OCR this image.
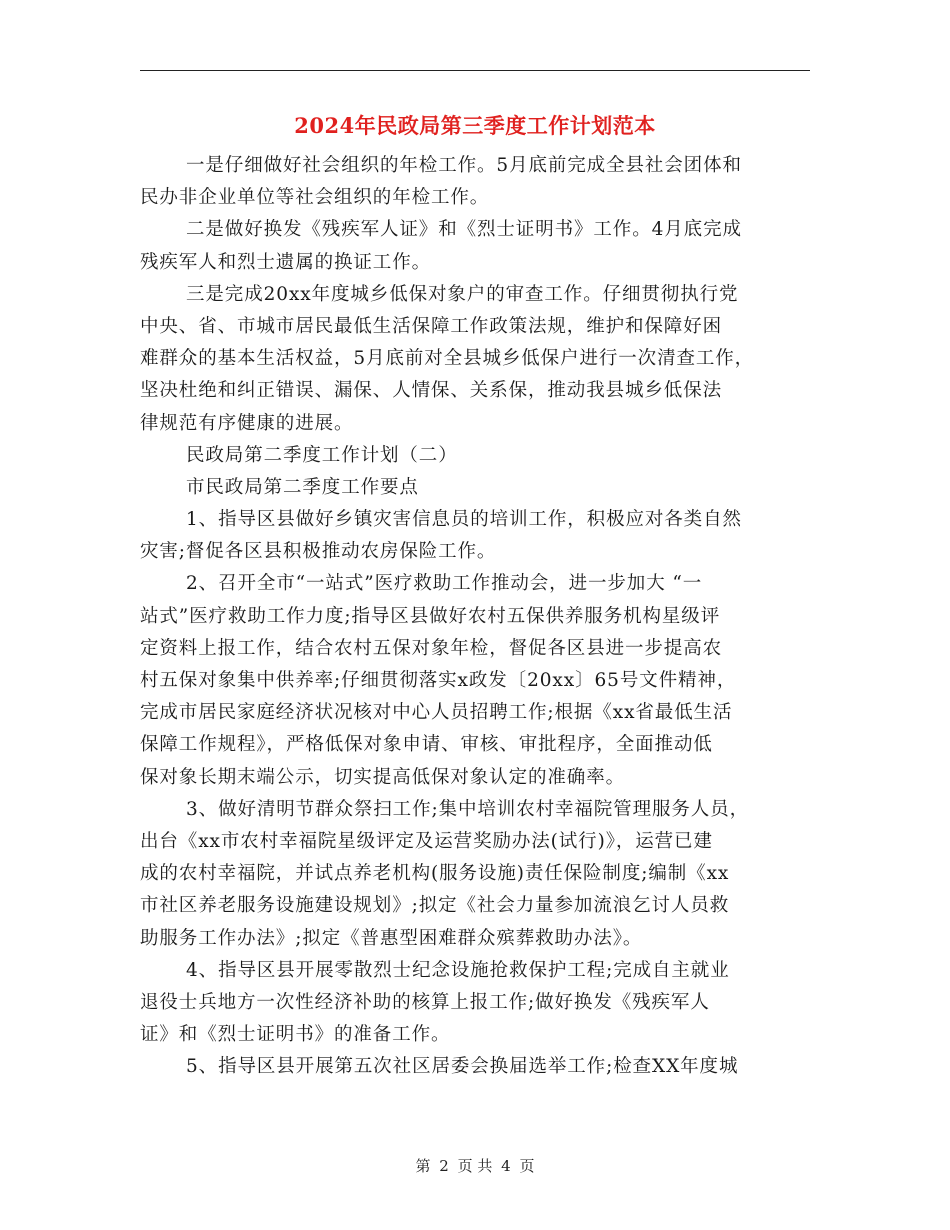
2024年民政局第三季度工作计划范本
一是仔细做好社会组织的年检工作。5月底前完成全县社会团体和
民办非企业单位等社会组织的年检工作。
二是做好换发《残疾军人证》和《烈士证明书》工作。4月底完成
残疾军人和烈士遗属的换证工作。
三是完成20xx年度城乡低保对象户的审查工作。仔细贯彻执行党
中央、省、市城市居民最低生活保障工作政策法规，维护和保障好困
难群众的基本生活权益，5月底前对全县城乡低保户进行一次清查工作，
坚决杜绝和纠正错误、漏保、人情保、关系保，推动我县城乡低保法
律规范有序健康的进展。
民政局第二季度工作计划（二）
市民政局第二季度工作要点
1、指导区县做好乡镇灾害信息员的培训工作，积极应对各类自然
灾害;督促各区县积极推动农房保险工作。
2、召开全市“一站式”医疗救助工作推动会，进一步加大 “一
站式”医疗救助工作力度;指导区县做好农村五保供养服务机构星级评
定资料上报工作，结合农村五保对象年检，督促各区县进一步提高农
村五保对象集中供养率;仔细贯彻落实x政发〔20xx〕65号文件精神，
完成市居民家庭经济状况核对中心人员招聘工作;根据《xx省最低生活
保障工作规程》，严格低保对象申请、审核、审批程序，全面推动低
保对象长期末端公示，切实提高低保对象认定的准确率。
3、做好清明节群众祭扫工作;集中培训农村幸福院管理服务人员，
出台《xx市农村幸福院星级评定及运营奖励办法(试行)》，运营已建
成的农村幸福院，并试点养老机构(服务设施)责任保险制度;编制《xx
市社区养老服务设施建设规划》;拟定《社会力量参加流浪乞讨人员救
助服务工作办法》;拟定《普惠型困难群众殡葬救助办法》。
4、指导区县开展零散烈士纪念设施抢救保护工程;完成自主就业
退役士兵地方一次性经济补助的核算上报工作;做好换发《残疾军人
证》和《烈士证明书》的准备工作。
5、指导区县开展第五次社区居委会换届选举工作;检查XX年度城
第 2 页 共 4 页
